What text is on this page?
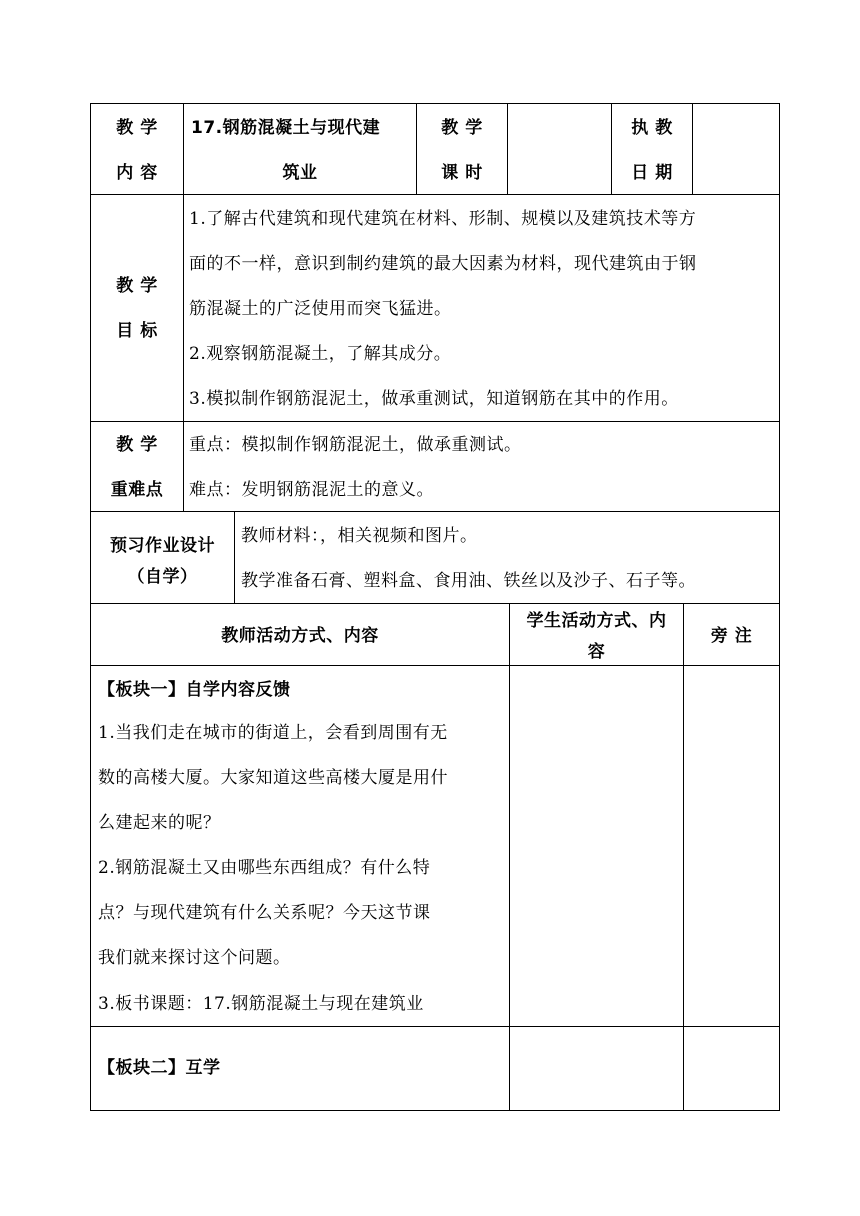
教 学
内 容
17.钢筋混凝土与现代建
筑业
教 学
课 时
执 教
日 期
教 学
目 标
1.了解古代建筑和现代建筑在材料、形制、规模以及建筑技术等方
面的不一样，意识到制约建筑的最大因素为材料，现代建筑由于钢
筋混凝土的广泛使用而突飞猛进。
2.观察钢筋混凝土，了解其成分。
3.模拟制作钢筋混泥土，做承重测试，知道钢筋在其中的作用。
教 学
重难点
重点：模拟制作钢筋混泥土，做承重测试。
难点：发明钢筋混泥土的意义。
预习作业设计
（自学）
教师材料：，相关视频和图片。
教学准备石膏、塑料盒、食用油、铁丝以及沙子、石子等。
教师活动方式、内容
学生活动方式、内
容
旁 注
【板块一】自学内容反馈
1.当我们走在城市的街道上，会看到周围有无
数的高楼大厦。大家知道这些高楼大厦是用什
么建起来的呢？
2.钢筋混凝土又由哪些东西组成？有什么特
点？与现代建筑有什么关系呢？今天这节课
我们就来探讨这个问题。
3.板书课题：17.钢筋混凝土与现在建筑业
【板块二】互学
